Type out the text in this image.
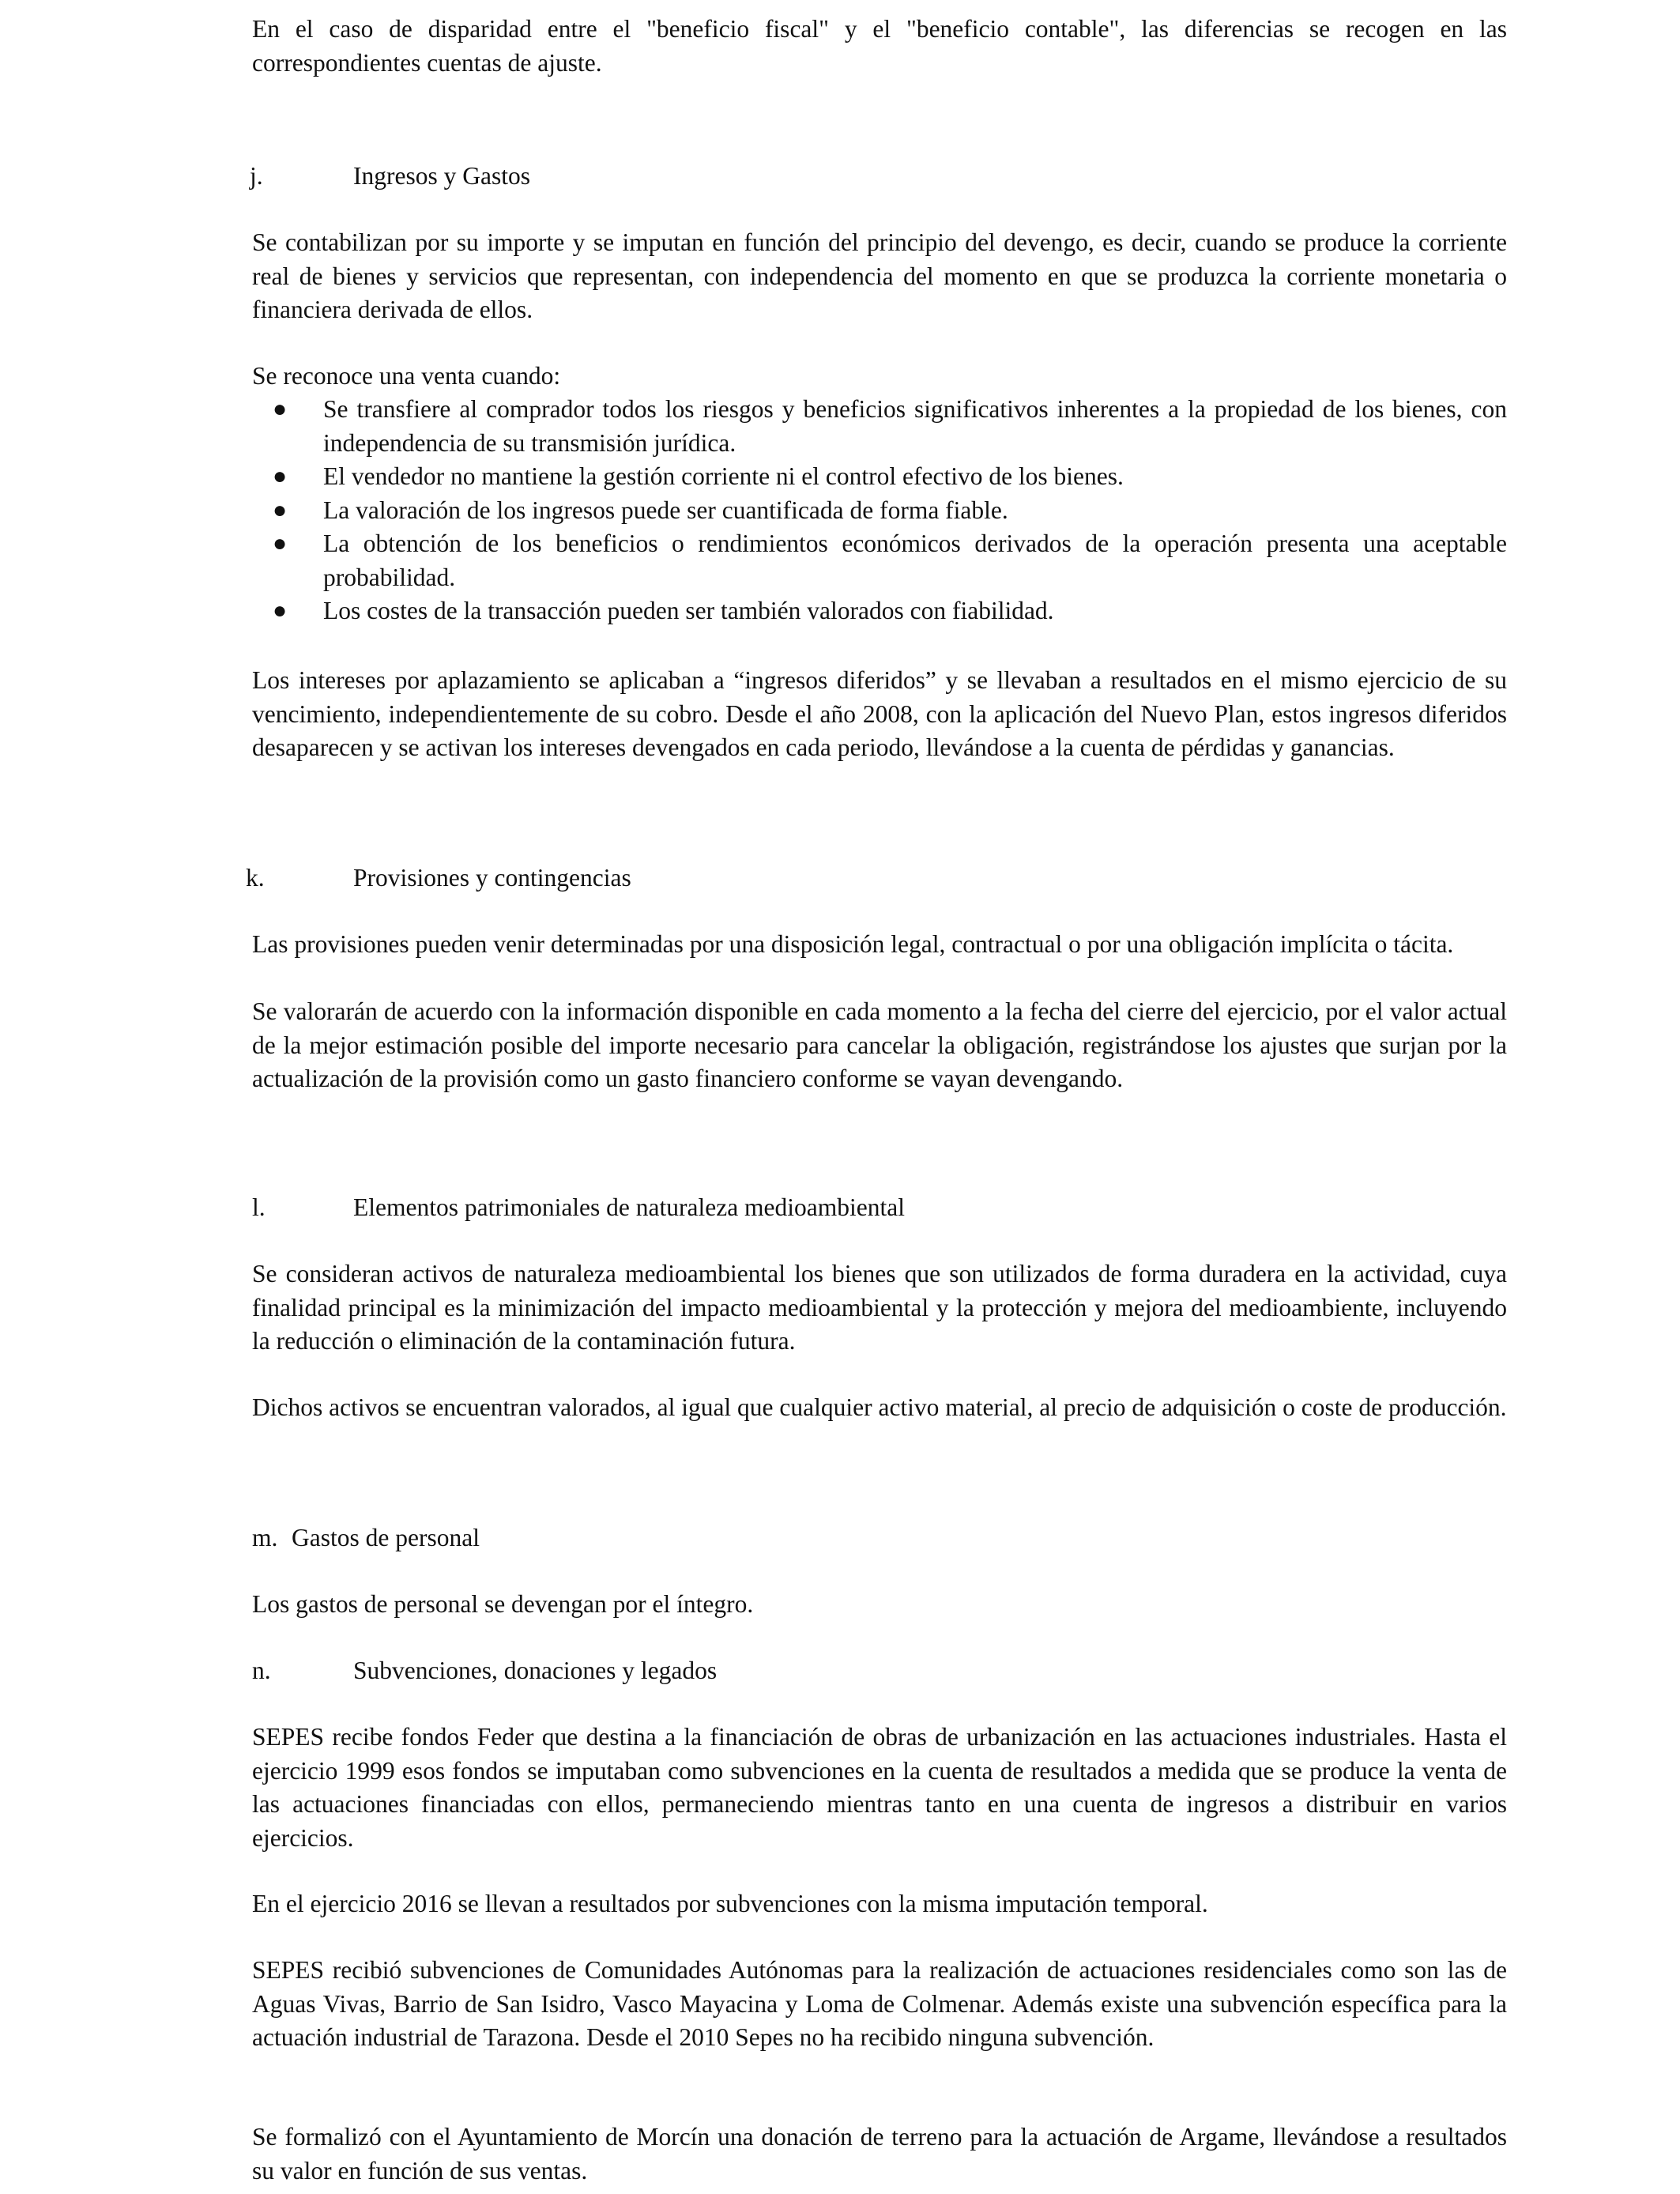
En el caso de disparidad entre el "beneficio fiscal" y el "beneficio contable", las diferencias se recogen en las correspondientes cuentas de ajuste.

j.	Ingresos y Gastos

Se contabilizan por su importe y se imputan en función del principio del devengo, es decir, cuando se produce la corriente real de bienes y servicios que representan, con independencia del momento en que se produzca la corriente monetaria o financiera derivada de ellos.

Se reconoce una venta cuando:

● Se transfiere al comprador todos los riesgos y beneficios significativos inherentes a la propiedad de los bienes, con independencia de su transmisión jurídica.
● El vendedor no mantiene la gestión corriente ni el control efectivo de los bienes.
● La valoración de los ingresos puede ser cuantificada de forma fiable.
● La obtención de los beneficios o rendimientos económicos derivados de la operación presenta una aceptable probabilidad.
● Los costes de la transacción pueden ser también valorados con fiabilidad.

Los intereses por aplazamiento se aplicaban a “ingresos diferidos” y se llevaban a resultados en el mismo ejercicio de su vencimiento, independientemente de su cobro. Desde el año 2008, con la aplicación del Nuevo Plan, estos ingresos diferidos desaparecen y se activan los intereses devengados en cada periodo, llevándose a la cuenta de pérdidas y ganancias.

k.	Provisiones y contingencias

Las provisiones pueden venir determinadas por una disposición legal, contractual o por una obligación implícita o tácita.

Se valorarán de acuerdo con la información disponible en cada momento a la fecha del cierre del ejercicio, por el valor actual de la mejor estimación posible del importe necesario para cancelar la obligación, registrándose los ajustes que surjan por la actualización de la provisión como un gasto financiero conforme se vayan devengando.

l.	Elementos patrimoniales de naturaleza medioambiental

Se consideran activos de naturaleza medioambiental los bienes que son utilizados de forma duradera en la actividad, cuya finalidad principal es la minimización del impacto medioambiental y la protección y mejora del medioambiente, incluyendo la reducción o eliminación de la contaminación futura.

Dichos activos se encuentran valorados, al igual que cualquier activo material, al precio de adquisición o coste de producción.

m. Gastos de personal

Los gastos de personal se devengan por el íntegro.

n.	Subvenciones, donaciones y legados

SEPES recibe fondos Feder que destina a la financiación de obras de urbanización en las actuaciones industriales. Hasta el ejercicio 1999 esos fondos se imputaban como subvenciones en la cuenta de resultados a medida que se produce la venta de las actuaciones financiadas con ellos, permaneciendo mientras tanto en una cuenta de ingresos a distribuir en varios ejercicios.

En el ejercicio 2016 se llevan a resultados por subvenciones con la misma imputación temporal.

SEPES recibió subvenciones de Comunidades Autónomas para la realización de actuaciones residenciales como son las de Aguas Vivas, Barrio de San Isidro, Vasco Mayacina y Loma de Colmenar. Además existe una subvención específica para la actuación industrial de Tarazona. Desde el 2010 Sepes no ha recibido ninguna subvención.

Se formalizó con el Ayuntamiento de Morcín una donación de terreno para la actuación de Argame, llevándose a resultados su valor en función de sus ventas.
